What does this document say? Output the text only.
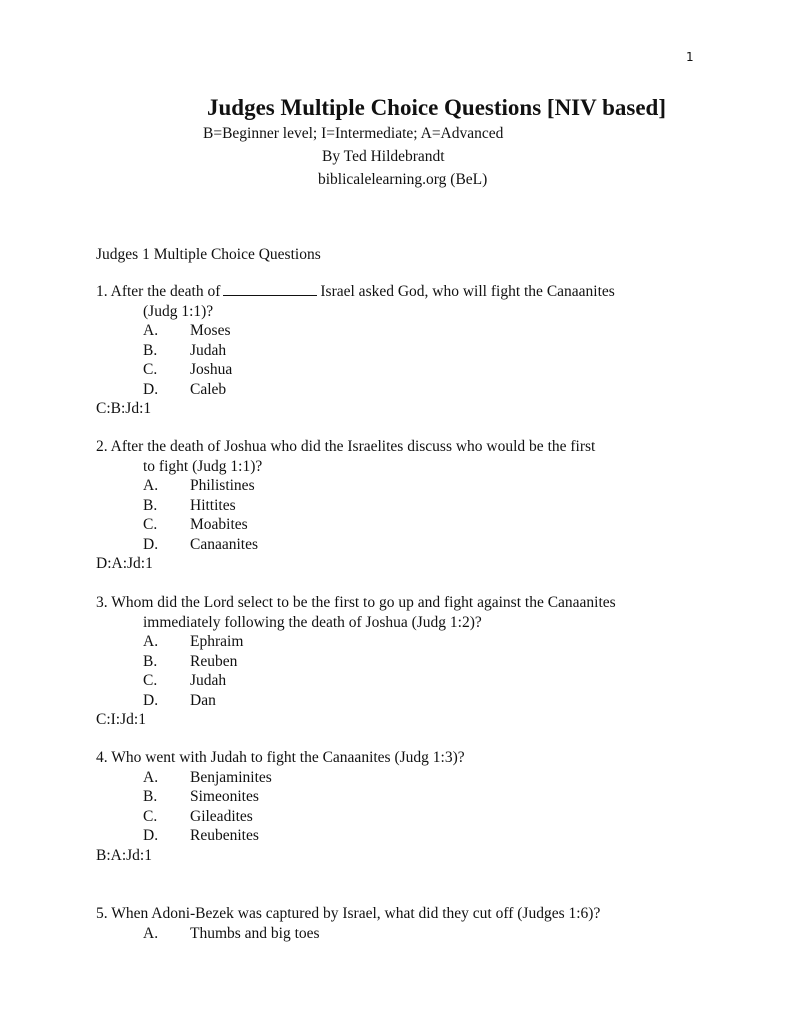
1
Judges Multiple Choice Questions [NIV based]
B=Beginner level; I=Intermediate; A=Advanced
By Ted Hildebrandt
biblicalelearning.org (BeL)
Judges 1 Multiple Choice Questions
1. After the death of	Israel asked God, who will fight the Canaanites
(Judg 1:1)?
A. Moses
B. Judah
C. Joshua
D. Caleb
C:B:Jd:1
2. After the death of Joshua who did the Israelites discuss who would be the first
to fight (Judg 1:1)?
A. Philistines
B. Hittites
C. Moabites
D. Canaanites
D:A:Jd:1
3. Whom did the Lord select to be the first to go up and fight against the Canaanites
immediately following the death of Joshua (Judg 1:2)?
A. Ephraim
B. Reuben
C. Judah
D. Dan
C:I:Jd:1
4. Who went with Judah to fight the Canaanites (Judg 1:3)?
A. Benjaminites
B. Simeonites
C. Gileadites
D. Reubenites
B:A:Jd:1
5. When Adoni-Bezek was captured by Israel, what did they cut off (Judges 1:6)?
A. Thumbs and big toes
